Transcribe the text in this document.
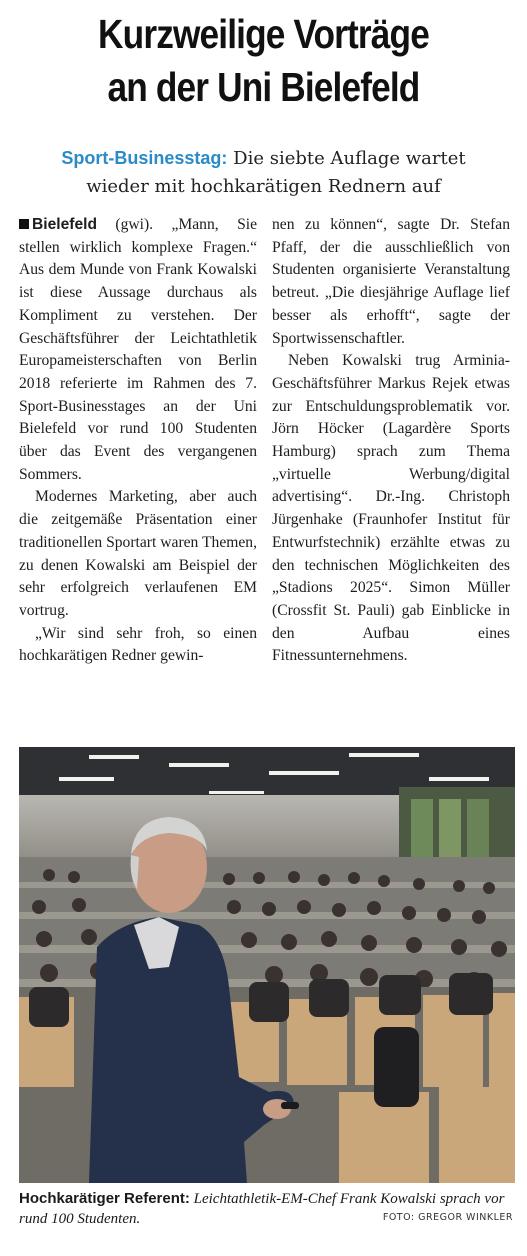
Kurzweilige Vorträge
an der Uni Bielefeld
Sport-Businesstag: Die siebte Auflage wartet
wieder mit hochkarätigen Rednern auf

Bielefeld (gwi). „Mann, Sie stellen wirklich komplexe Fragen.“ Aus dem Munde von Frank Kowalski ist diese Aussage durchaus als Kompliment zu verstehen. Der Geschäftsführer der Leichtathletik Europameisterschaften von Berlin 2018 referierte im Rahmen des 7. Sport-Businesstages an der Uni Bielefeld vor rund 100 Studenten über das Event des vergangenen Sommers.

Modernes Marketing, aber auch die zeitgemäße Präsentation einer traditionellen Sportart waren Themen, zu denen Kowalski am Beispiel der sehr erfolgreich verlaufenen EM vortrug.

„Wir sind sehr froh, so einen hochkarätigen Redner gewin-

nen zu können“, sagte Dr. Stefan Pfaff, der die ausschließlich von Studenten organisierte Veranstaltung betreut. „Die diesjährige Auflage lief besser als erhofft“, sagte der Sportwissenschaftler.

Neben Kowalski trug Arminia-Geschäftsführer Markus Rejek etwas zur Entschuldungsproblematik vor. Jörn Höcker (Lagardère Sports Hamburg) sprach zum Thema „virtuelle Werbung/digital advertising“. Dr.-Ing. Christoph Jürgenhake (Fraunhofer Institut für Entwurfstechnik) erzählte etwas zu den technischen Möglichkeiten des „Stadions 2025“. Simon Müller (Crossfit St. Pauli) gab Einblicke in den Aufbau eines Fitnessunternehmens.

Hochkarätiger Referent: Leichtathletik-EM-Chef Frank Kowalski sprach vor rund 100 Studenten.	FOTO: GREGOR WINKLER
